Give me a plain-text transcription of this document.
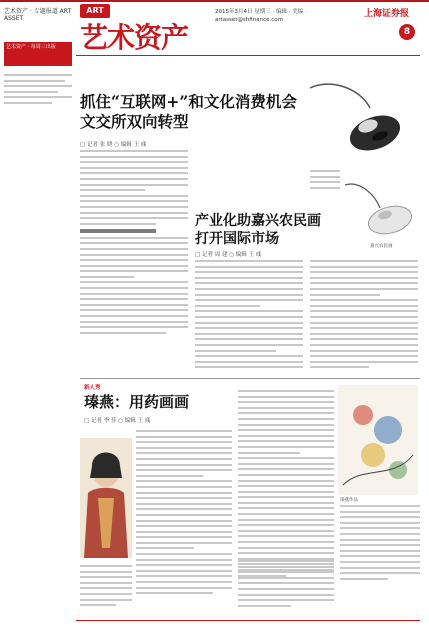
艺术资产 · 专题报道 ART ASSET
艺术资产 · 每周三出版
ART
艺术资产
2015年3月4日 星期三 · 编辑 · 美编 · artasset@shfinance.com
上海证券报
8
抓住“互联网+”和文化消费机会
文交所双向转型
□ 记者 张 晓 ○ 编辑 王 彧
产业化助嘉兴农民画
打开国际市场	嘉兴农民画
□ 记者 周 建 ○ 编辑 王 彧
新人秀
瑧燕：用药画画
□ 记者 李 佳 ○ 编辑 王 彧
瑧燕作品
